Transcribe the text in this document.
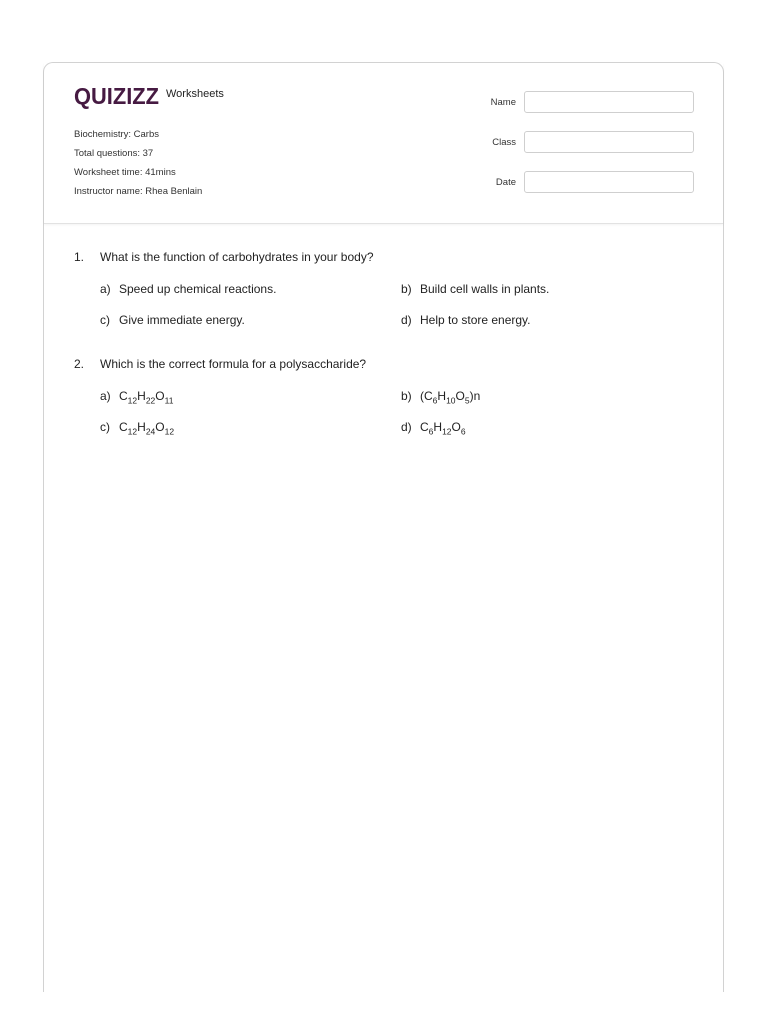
QUIZIZZ Worksheets
Biochemistry: Carbs
Total questions: 37
Worksheet time: 41mins
Instructor name: Rhea Benlain
Name
Class
Date
1.	What is the function of carbohydrates in your body?
a) Speed up chemical reactions.	b) Build cell walls in plants.
c) Give immediate energy.	d) Help to store energy.
2.	Which is the correct formula for a polysaccharide?
a) $C_{12}H_{22}O_{11}$	b) $(C_6H_{10}O_5)n$
c) $C_{12}H_{24}O_{12}$	d) $C_6H_{12}O_6$
